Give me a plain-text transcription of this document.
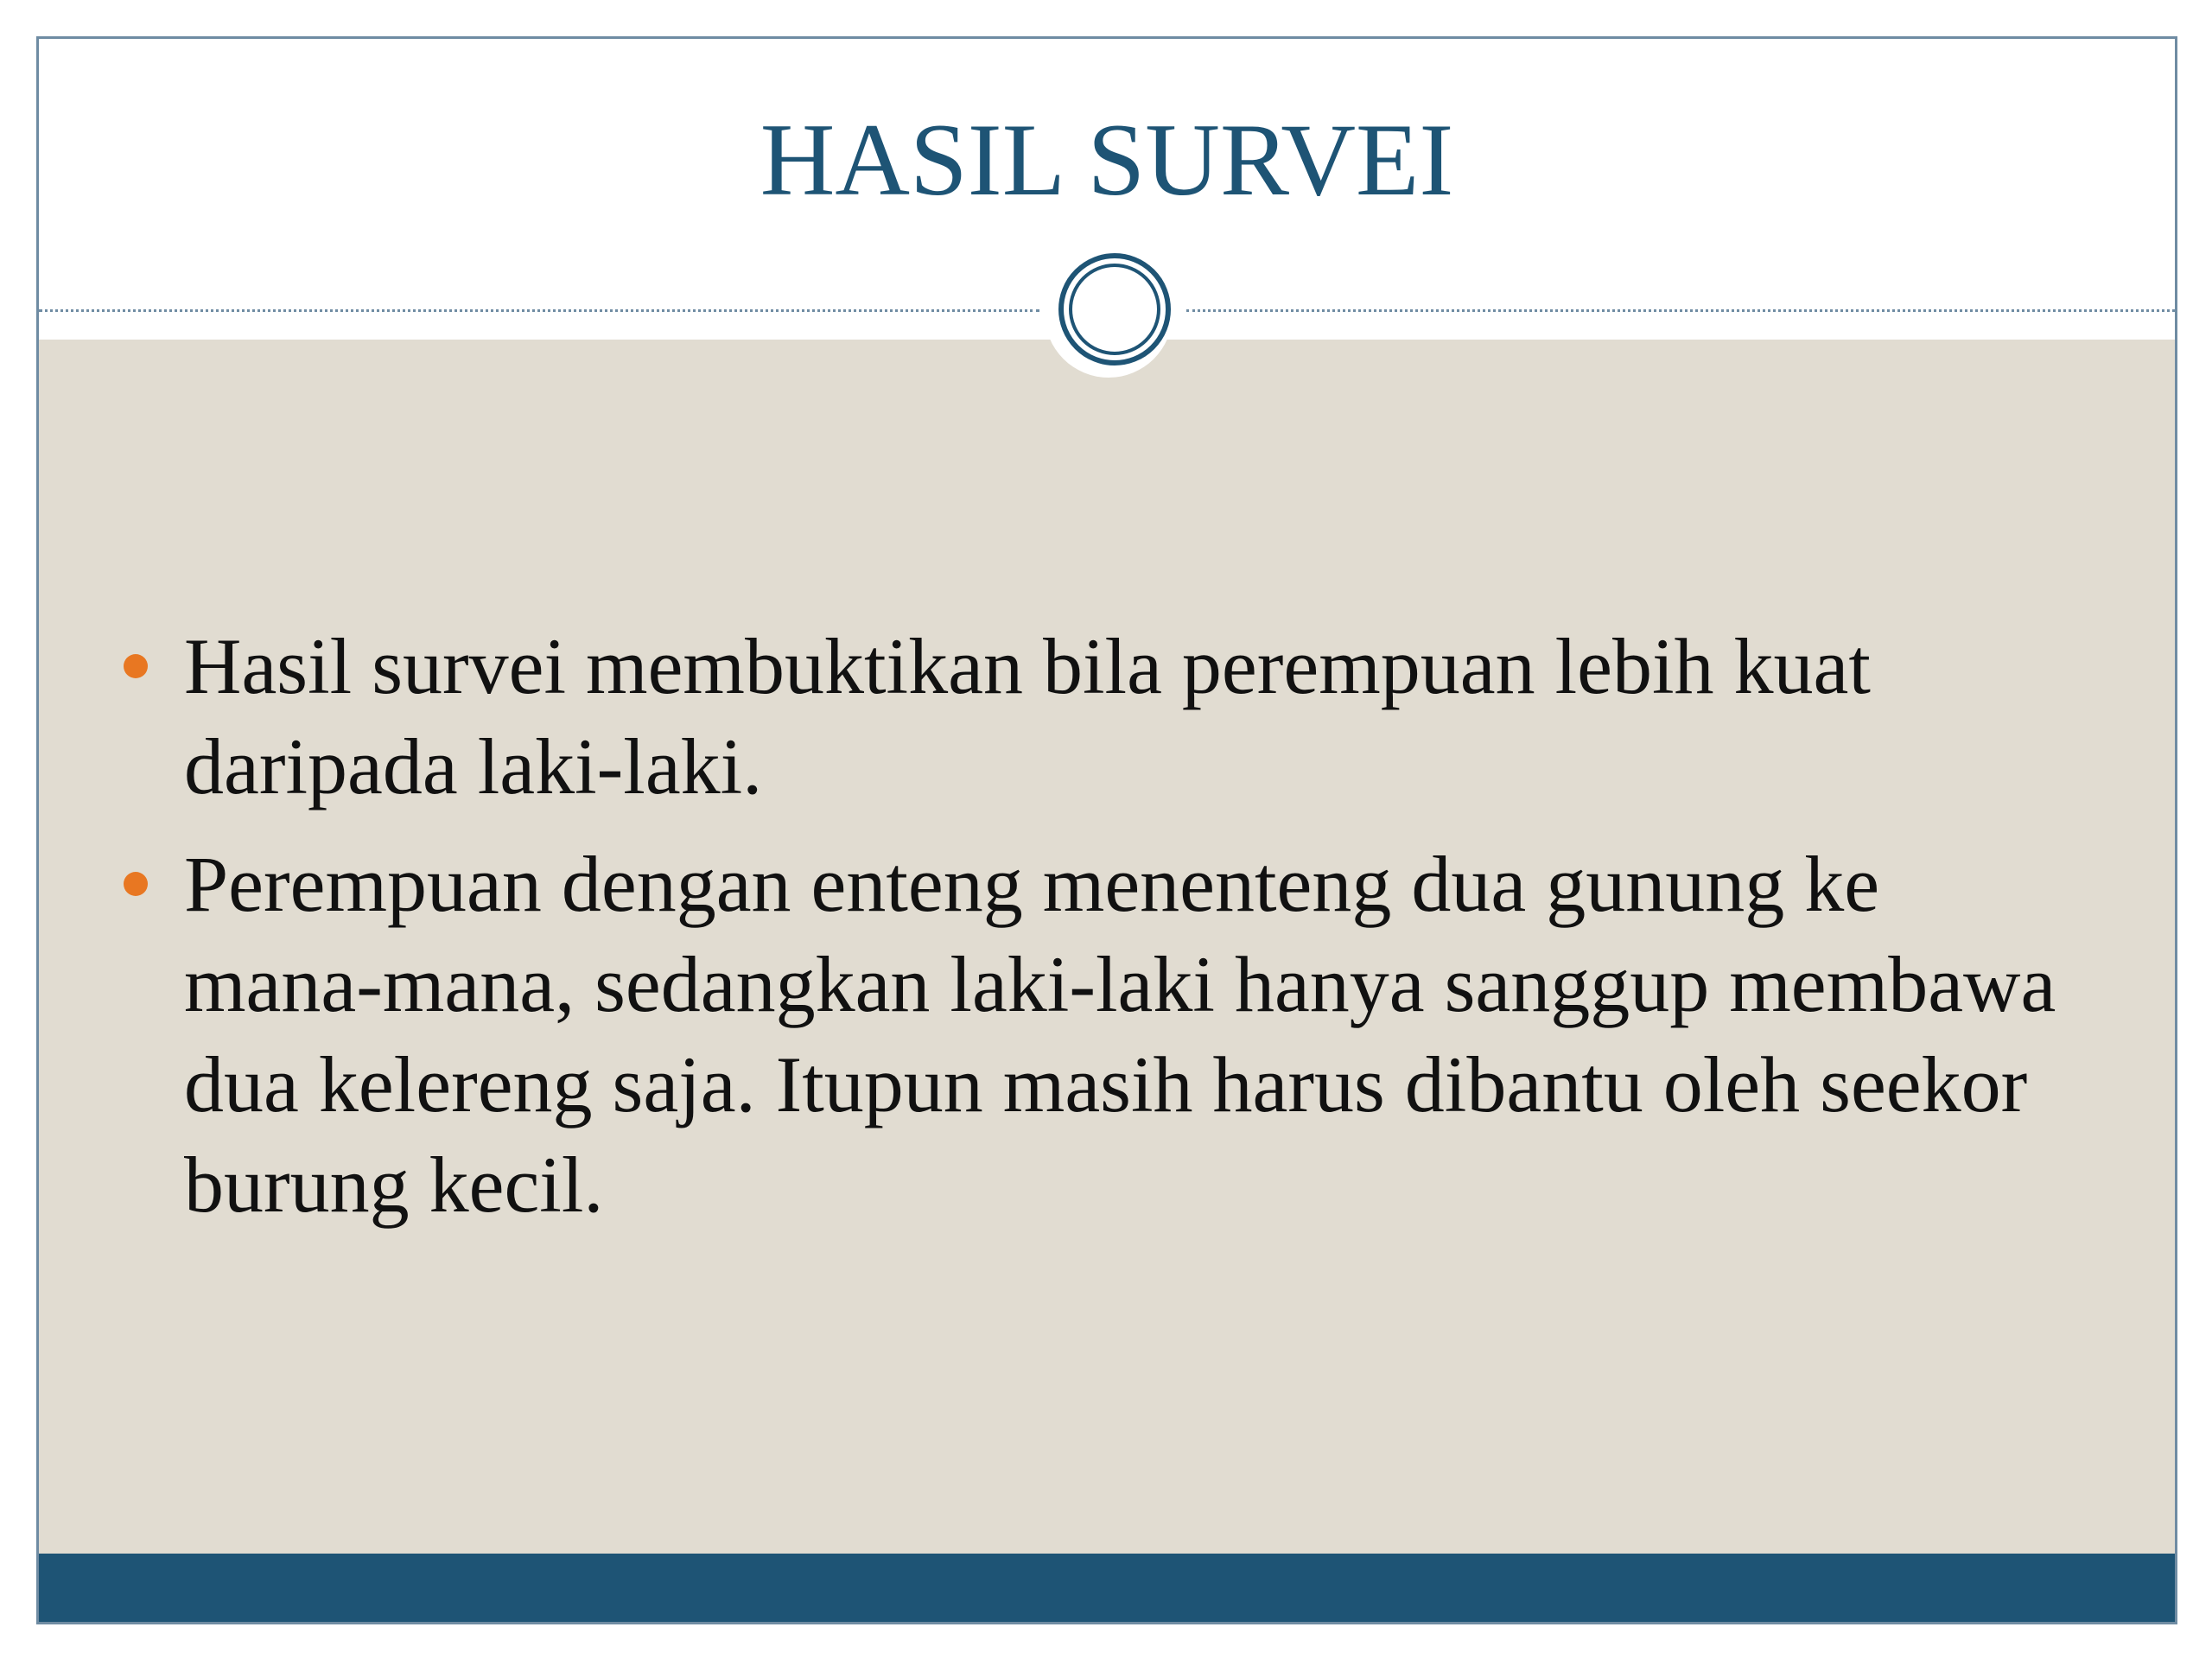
HASIL SURVEI
Hasil survei membuktikan bila perempuan lebih kuat daripada laki-laki.
Perempuan dengan enteng menenteng dua gunung ke mana-mana, sedangkan laki-laki hanya sanggup membawa dua kelereng saja. Itupun masih harus dibantu oleh seekor burung kecil.
